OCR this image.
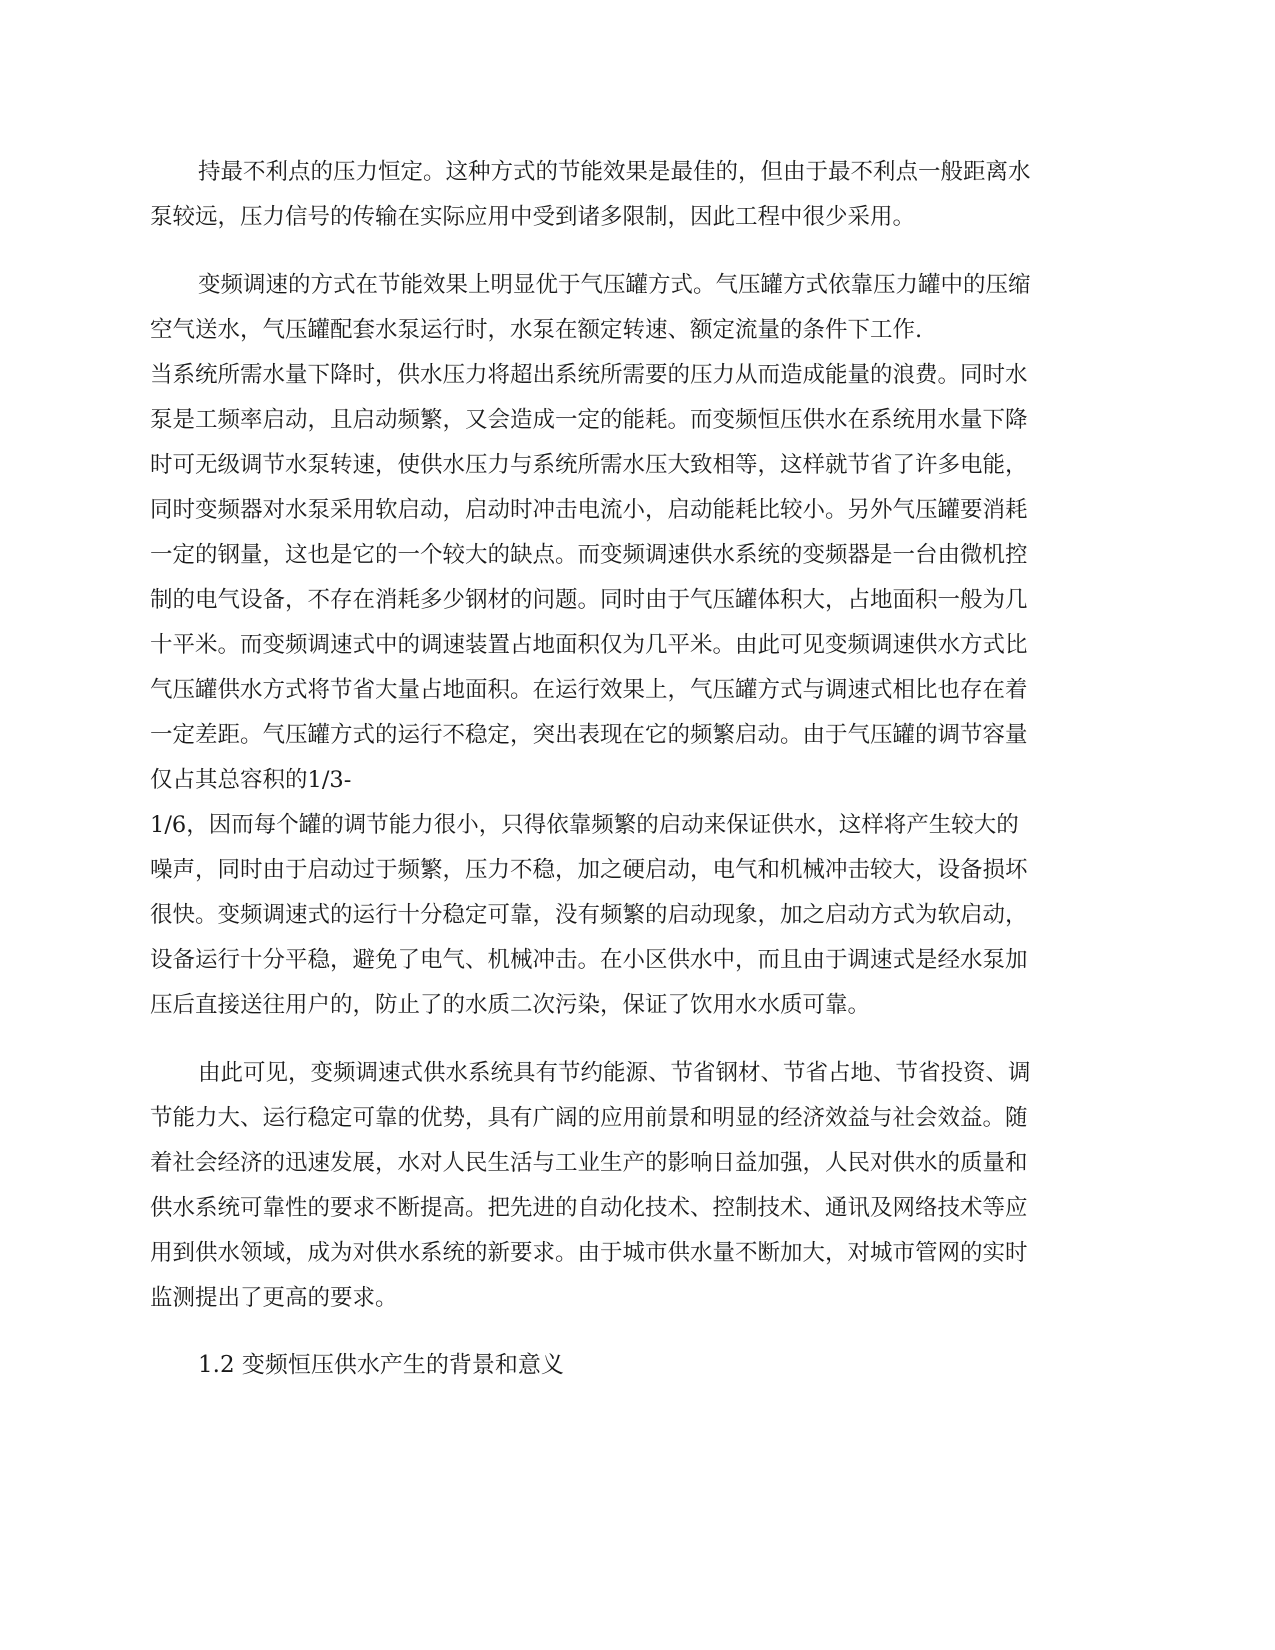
持最不利点的压力恒定。这种方式的节能效果是最佳的，但由于最不利点一般距离水
泵较远，压力信号的传输在实际应用中受到诸多限制，因此工程中很少采用。
变频调速的方式在节能效果上明显优于气压罐方式。气压罐方式依靠压力罐中的压缩
空气送水，气压罐配套水泵运行时，水泵在额定转速、额定流量的条件下工作.
当系统所需水量下降时，供水压力将超出系统所需要的压力从而造成能量的浪费。同时水
泵是工频率启动，且启动频繁，又会造成一定的能耗。而变频恒压供水在系统用水量下降
时可无级调节水泵转速，使供水压力与系统所需水压大致相等，这样就节省了许多电能，
同时变频器对水泵采用软启动，启动时冲击电流小，启动能耗比较小。另外气压罐要消耗
一定的钢量，这也是它的一个较大的缺点。而变频调速供水系统的变频器是一台由微机控
制的电气设备，不存在消耗多少钢材的问题。同时由于气压罐体积大，占地面积一般为几
十平米。而变频调速式中的调速装置占地面积仅为几平米。由此可见变频调速供水方式比
气压罐供水方式将节省大量占地面积。在运行效果上，气压罐方式与调速式相比也存在着
一定差距。气压罐方式的运行不稳定，突出表现在它的频繁启动。由于气压罐的调节容量
仅占其总容积的1/3-
1/6，因而每个罐的调节能力很小，只得依靠频繁的启动来保证供水，这样将产生较大的
噪声，同时由于启动过于频繁，压力不稳，加之硬启动，电气和机械冲击较大，设备损坏
很快。变频调速式的运行十分稳定可靠，没有频繁的启动现象，加之启动方式为软启动，
设备运行十分平稳，避免了电气、机械冲击。在小区供水中，而且由于调速式是经水泵加
压后直接送往用户的，防止了的水质二次污染，保证了饮用水水质可靠。
由此可见，变频调速式供水系统具有节约能源、节省钢材、节省占地、节省投资、调
节能力大、运行稳定可靠的优势，具有广阔的应用前景和明显的经济效益与社会效益。随
着社会经济的迅速发展，水对人民生活与工业生产的影响日益加强，人民对供水的质量和
供水系统可靠性的要求不断提高。把先进的自动化技术、控制技术、通讯及网络技术等应
用到供水领域，成为对供水系统的新要求。由于城市供水量不断加大，对城市管网的实时
监测提出了更高的要求。
1.2 变频恒压供水产生的背景和意义
